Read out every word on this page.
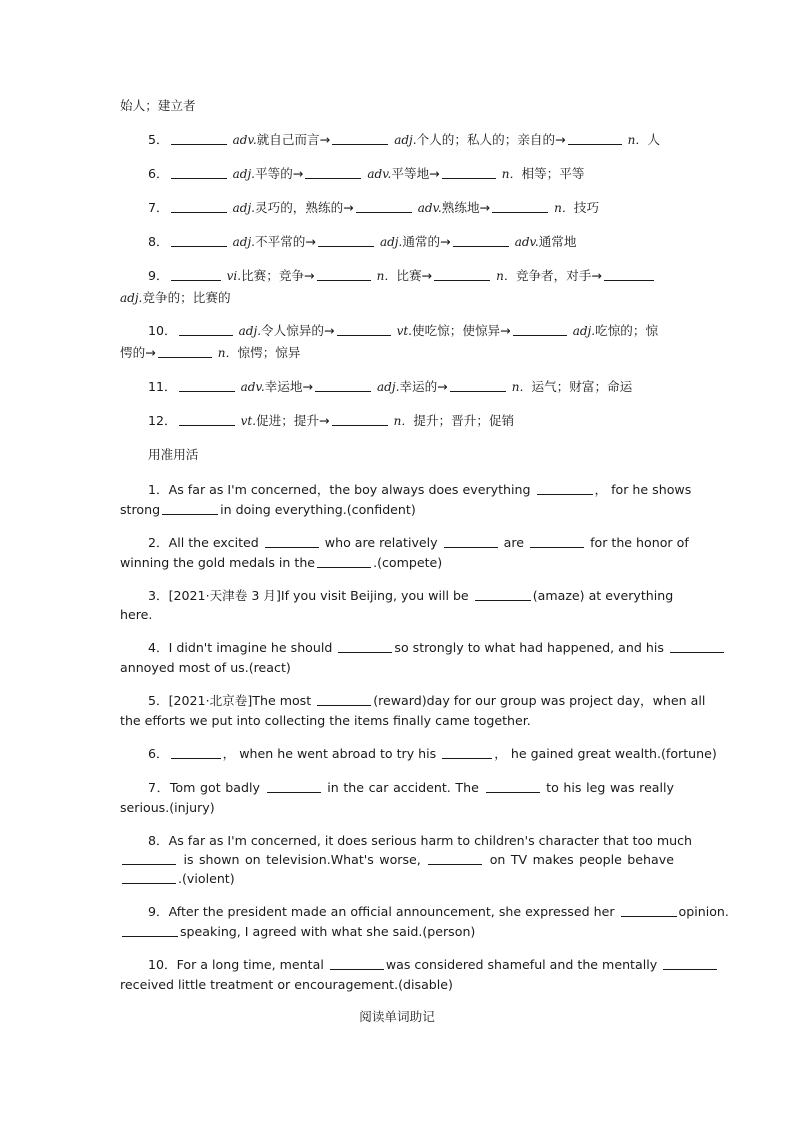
始人；建立者
5．	adv.就自己而言→	adj.个人的；私人的；亲自的→	n．人
6．	adj.平等的→	adv.平等地→	n．相等；平等
7．	adj.灵巧的，熟练的→	adv.熟练地→	n．技巧
8．	adj.不平常的→	adj.通常的→	adv.通常地
9．	vi.比赛；竞争→	n．比赛→	n．竞争者，对手→
adj.竞争的；比赛的
10．	adj.令人惊异的→	vt.使吃惊；使惊异→	adj.吃惊的；惊
愕的→	n．惊愕；惊异
11．	adv.幸运地→	adj.幸运的→	n．运气；财富；命运
12．	vt.促进；提升→	n．提升；晋升；促销
用准用活
1．As far as I'm concerned，the boy always does everything	， for he shows
strong	in doing everything.(confident)
2．All the excited	who are relatively	are	for the honor of
winning the gold medals in the	.(compete)
3．[2021·天津卷 3 月]If you visit Beijing, you will be	(amaze) at everything
here.
4．I didn't imagine he should	so strongly to what had happened, and his
annoyed most of us.(react)
5．[2021·北京卷]The most	(reward)day for our group was project day，when all
the efforts we put into collecting the items finally came together.
6．	， when he went abroad to try his	， he gained great wealth.(fortune)
7．Tom got badly	in the car accident. The	to his leg was really
serious.(injury)
8．As far as I'm concerned, it does serious harm to children's character that too much
is shown on television.What's worse,	on TV makes people behave
.(violent)
9．After the president made an official announcement, she expressed her	opinion.
speaking, I agreed with what she said.(person)
10．For a long time, mental	was considered shameful and the mentally
received little treatment or encouragement.(disable)
阅读单词助记
